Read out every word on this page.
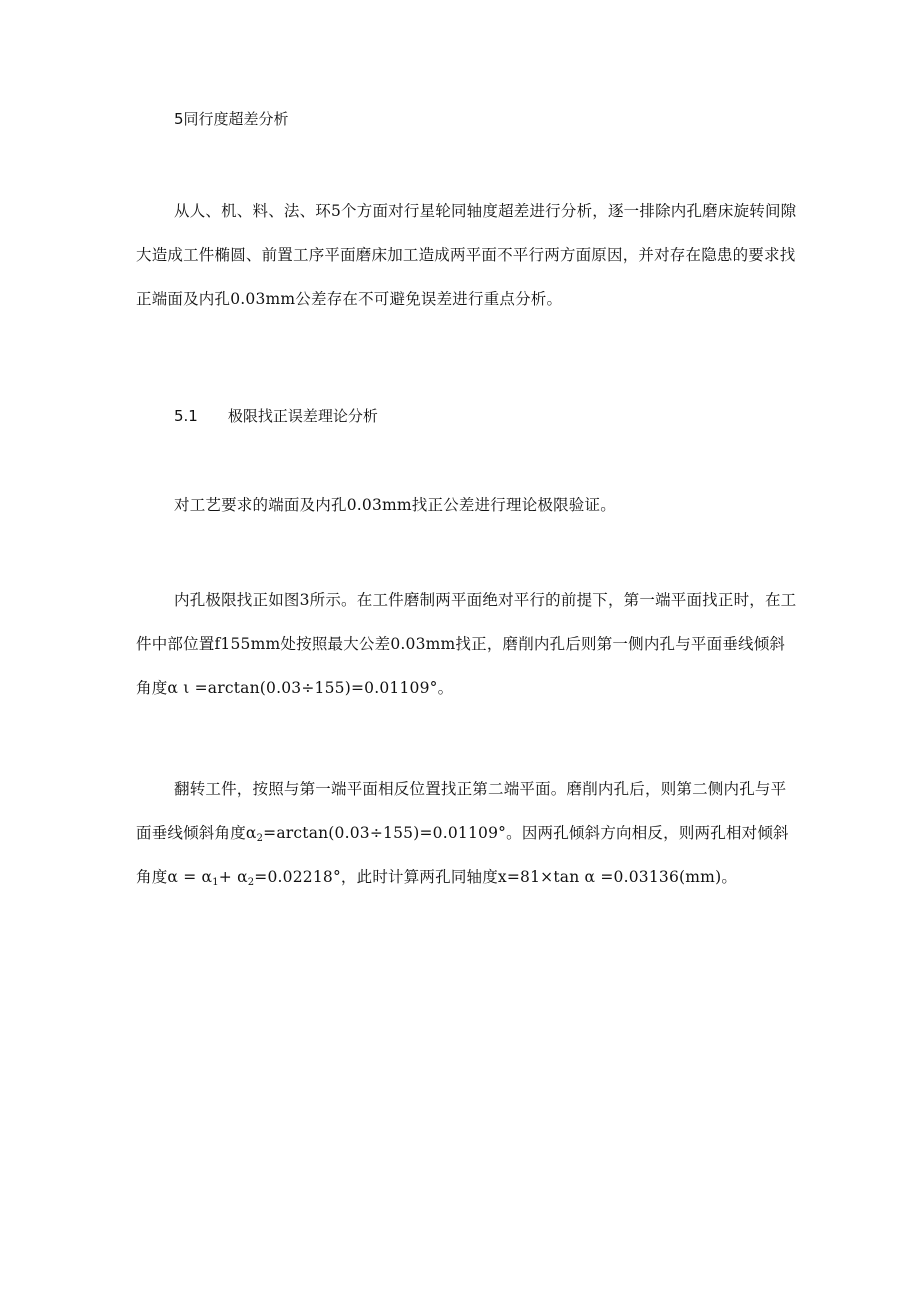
5同行度超差分析

从人、机、料、法、环5个方面对行星轮同轴度超差进行分析，逐一排除内孔磨床旋转间隙大造成工件椭圆、前置工序平面磨床加工造成两平面不平行两方面原因，并对存在隐患的要求找正端面及内孔0.03mm公差存在不可避免误差进行重点分析。

5.1 极限找正误差理论分析

对工艺要求的端面及内孔0.03mm找正公差进行理论极限验证。

内孔极限找正如图3所示。在工件磨制两平面绝对平行的前提下，第一端平面找正时，在工件中部位置f155mm处按照最大公差0.03mm找正，磨削内孔后则第一侧内孔与平面垂线倾斜角度α ι =arctan(0.03÷155)=0.01109°。

翻转工件，按照与第一端平面相反位置找正第二端平面。磨削内孔后，则第二侧内孔与平面垂线倾斜角度$\alpha_2=\arctan(0.03\div 155)=0.01109^\circ$。因两孔倾斜方向相反，则两孔相对倾斜角度$\alpha = \alpha_1+ \alpha_2=0.02218^\circ$，此时计算两孔同轴度x=81×tan α =0.03136(mm)。
